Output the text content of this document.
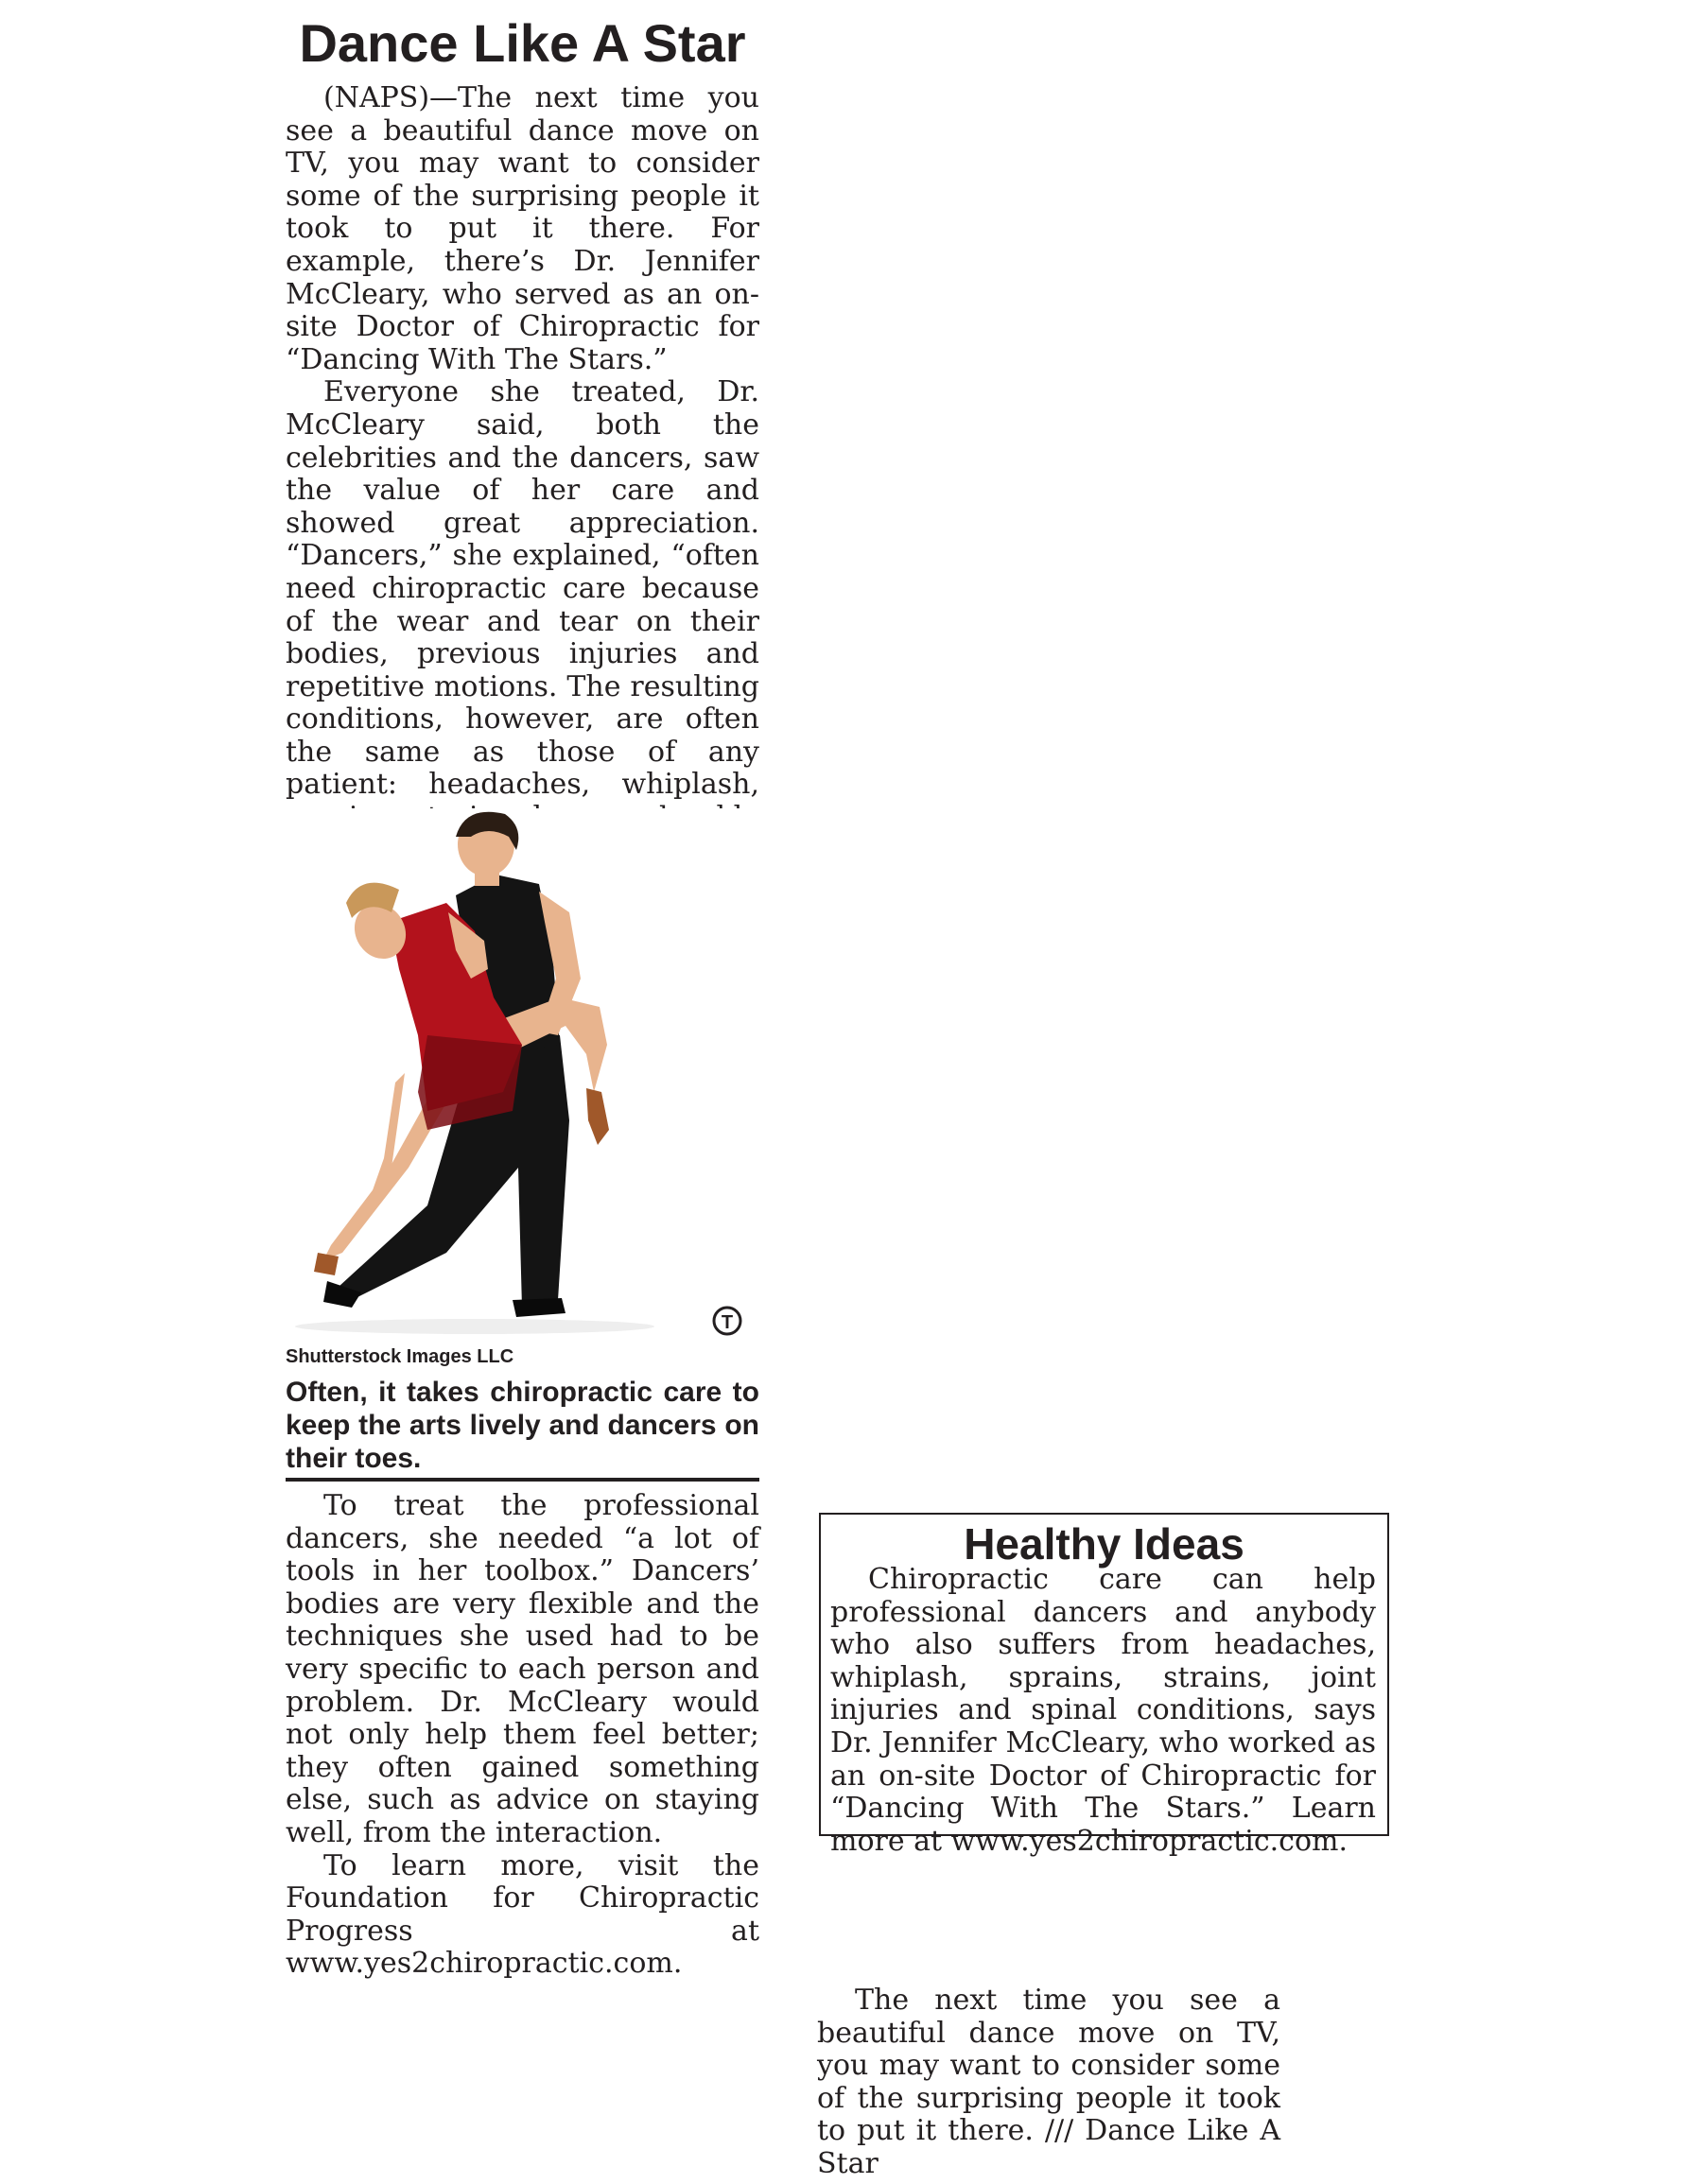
Dance Like A Star

(NAPS)—The next time you see a beautiful dance move on TV, you may want to consider some of the surprising people it took to put it there. For example, there’s Dr. Jennifer McCleary, who served as an on-site Doctor of Chiropractic for “Dancing With The Stars.”

Everyone she treated, Dr. McCleary said, both the celebrities and the dancers, saw the value of her care and showed great appreciation. “Dancers,” she explained, “often need chiropractic care because of the wear and tear on their bodies, previous injuries and repetitive motions. The resulting conditions, however, are often the same as those of any patient: headaches, whiplash,

T
Shutterstock Images LLC
Often, it takes chiropractic care to keep the arts lively and dancers on their toes.

To treat the professional dancers, she needed “a lot of tools in her toolbox.” Dancers’ bodies are very flexible and the techniques she used had to be very specific to each person and problem. Dr. McCleary would not only help them feel better; they often gained something else, such as advice on staying well, from the interaction.

To learn more, visit the Foundation for Chiropractic Progress at www.yes2chiropractic.com.

Healthy Ideas

Chiropractic care can help professional dancers and anybody who also suffers from headaches, whiplash, sprains, strains, joint injuries and spinal conditions, says Dr. Jennifer McCleary, who worked as an on-site Doctor of Chiropractic for “Dancing With The Stars.” Learn more at www.yes2chiropractic.com.

The next time you see a beautiful dance move on TV, you may want to consider some of the surprising people it took to put it there. /// Dance Like A Star
